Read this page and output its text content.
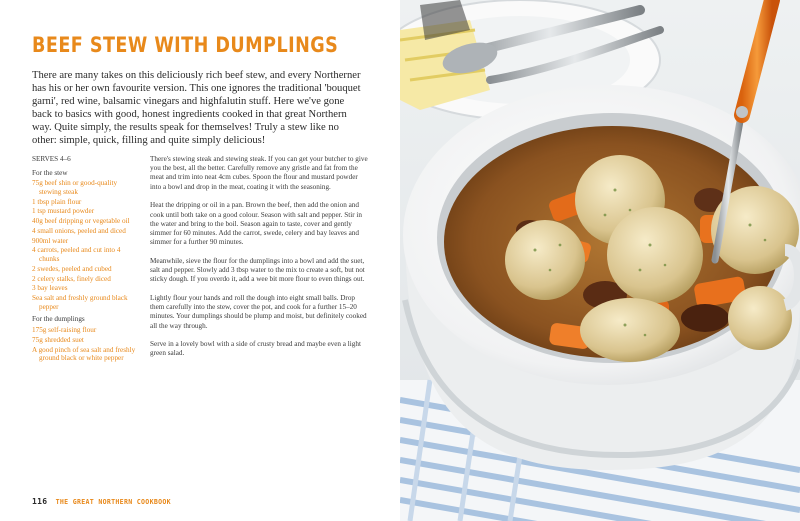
BEEF STEW WITH DUMPLINGS
There are many takes on this deliciously rich beef stew, and every Northerner has his or her own favourite version. This one ignores the traditional 'bouquet garni', red wine, balsamic vinegars and highfalutin stuff. Here we've gone back to basics with good, honest ingredients cooked in that great Northern way. Quite simply, the results speak for themselves! Truly a stew like no other: simple, quick, filling and quite simply delicious!
SERVES 4–6
For the stew
75g beef shin or good-quality stewing steak
1 tbsp plain flour
1 tsp mustard powder
40g beef dripping or vegetable oil
4 small onions, peeled and diced
900ml water
4 carrots, peeled and cut into 4 chunks
2 swedes, peeled and cubed
2 celery stalks, finely diced
3 bay leaves
Sea salt and freshly ground black pepper
For the dumplings
175g self-raising flour
75g shredded suet
A good pinch of sea salt and freshly ground black or white pepper

There's stewing steak and stewing steak. If you can get your butcher to give you the best, all the better. Carefully remove any gristle and fat from the meat and trim into neat 4cm cubes. Spoon the flour and mustard powder into a bowl and drop in the meat, coating it with the seasoning.

Heat the dripping or oil in a pan. Brown the beef, then add the onion and cook until both take on a good colour. Season with salt and pepper. Stir in the water and bring to the boil. Season again to taste, cover and gently simmer for 60 minutes. Add the carrot, swede, celery and bay leaves and simmer for a further 90 minutes.

Meanwhile, sieve the flour for the dumplings into a bowl and add the suet, salt and pepper. Slowly add 3 tbsp water to the mix to create a soft, but not sticky dough. If you overdo it, add a wee bit more flour to even things out.

Lightly flour your hands and roll the dough into eight small balls. Drop them carefully into the stew, cover the pot, and cook for a further 15–20 minutes. Your dumplings should be plump and moist, but definitely cooked all the way through.

Serve in a lovely bowl with a side of crusty bread and maybe even a light green salad.

116 THE GREAT NORTHERN COOKBOOK
